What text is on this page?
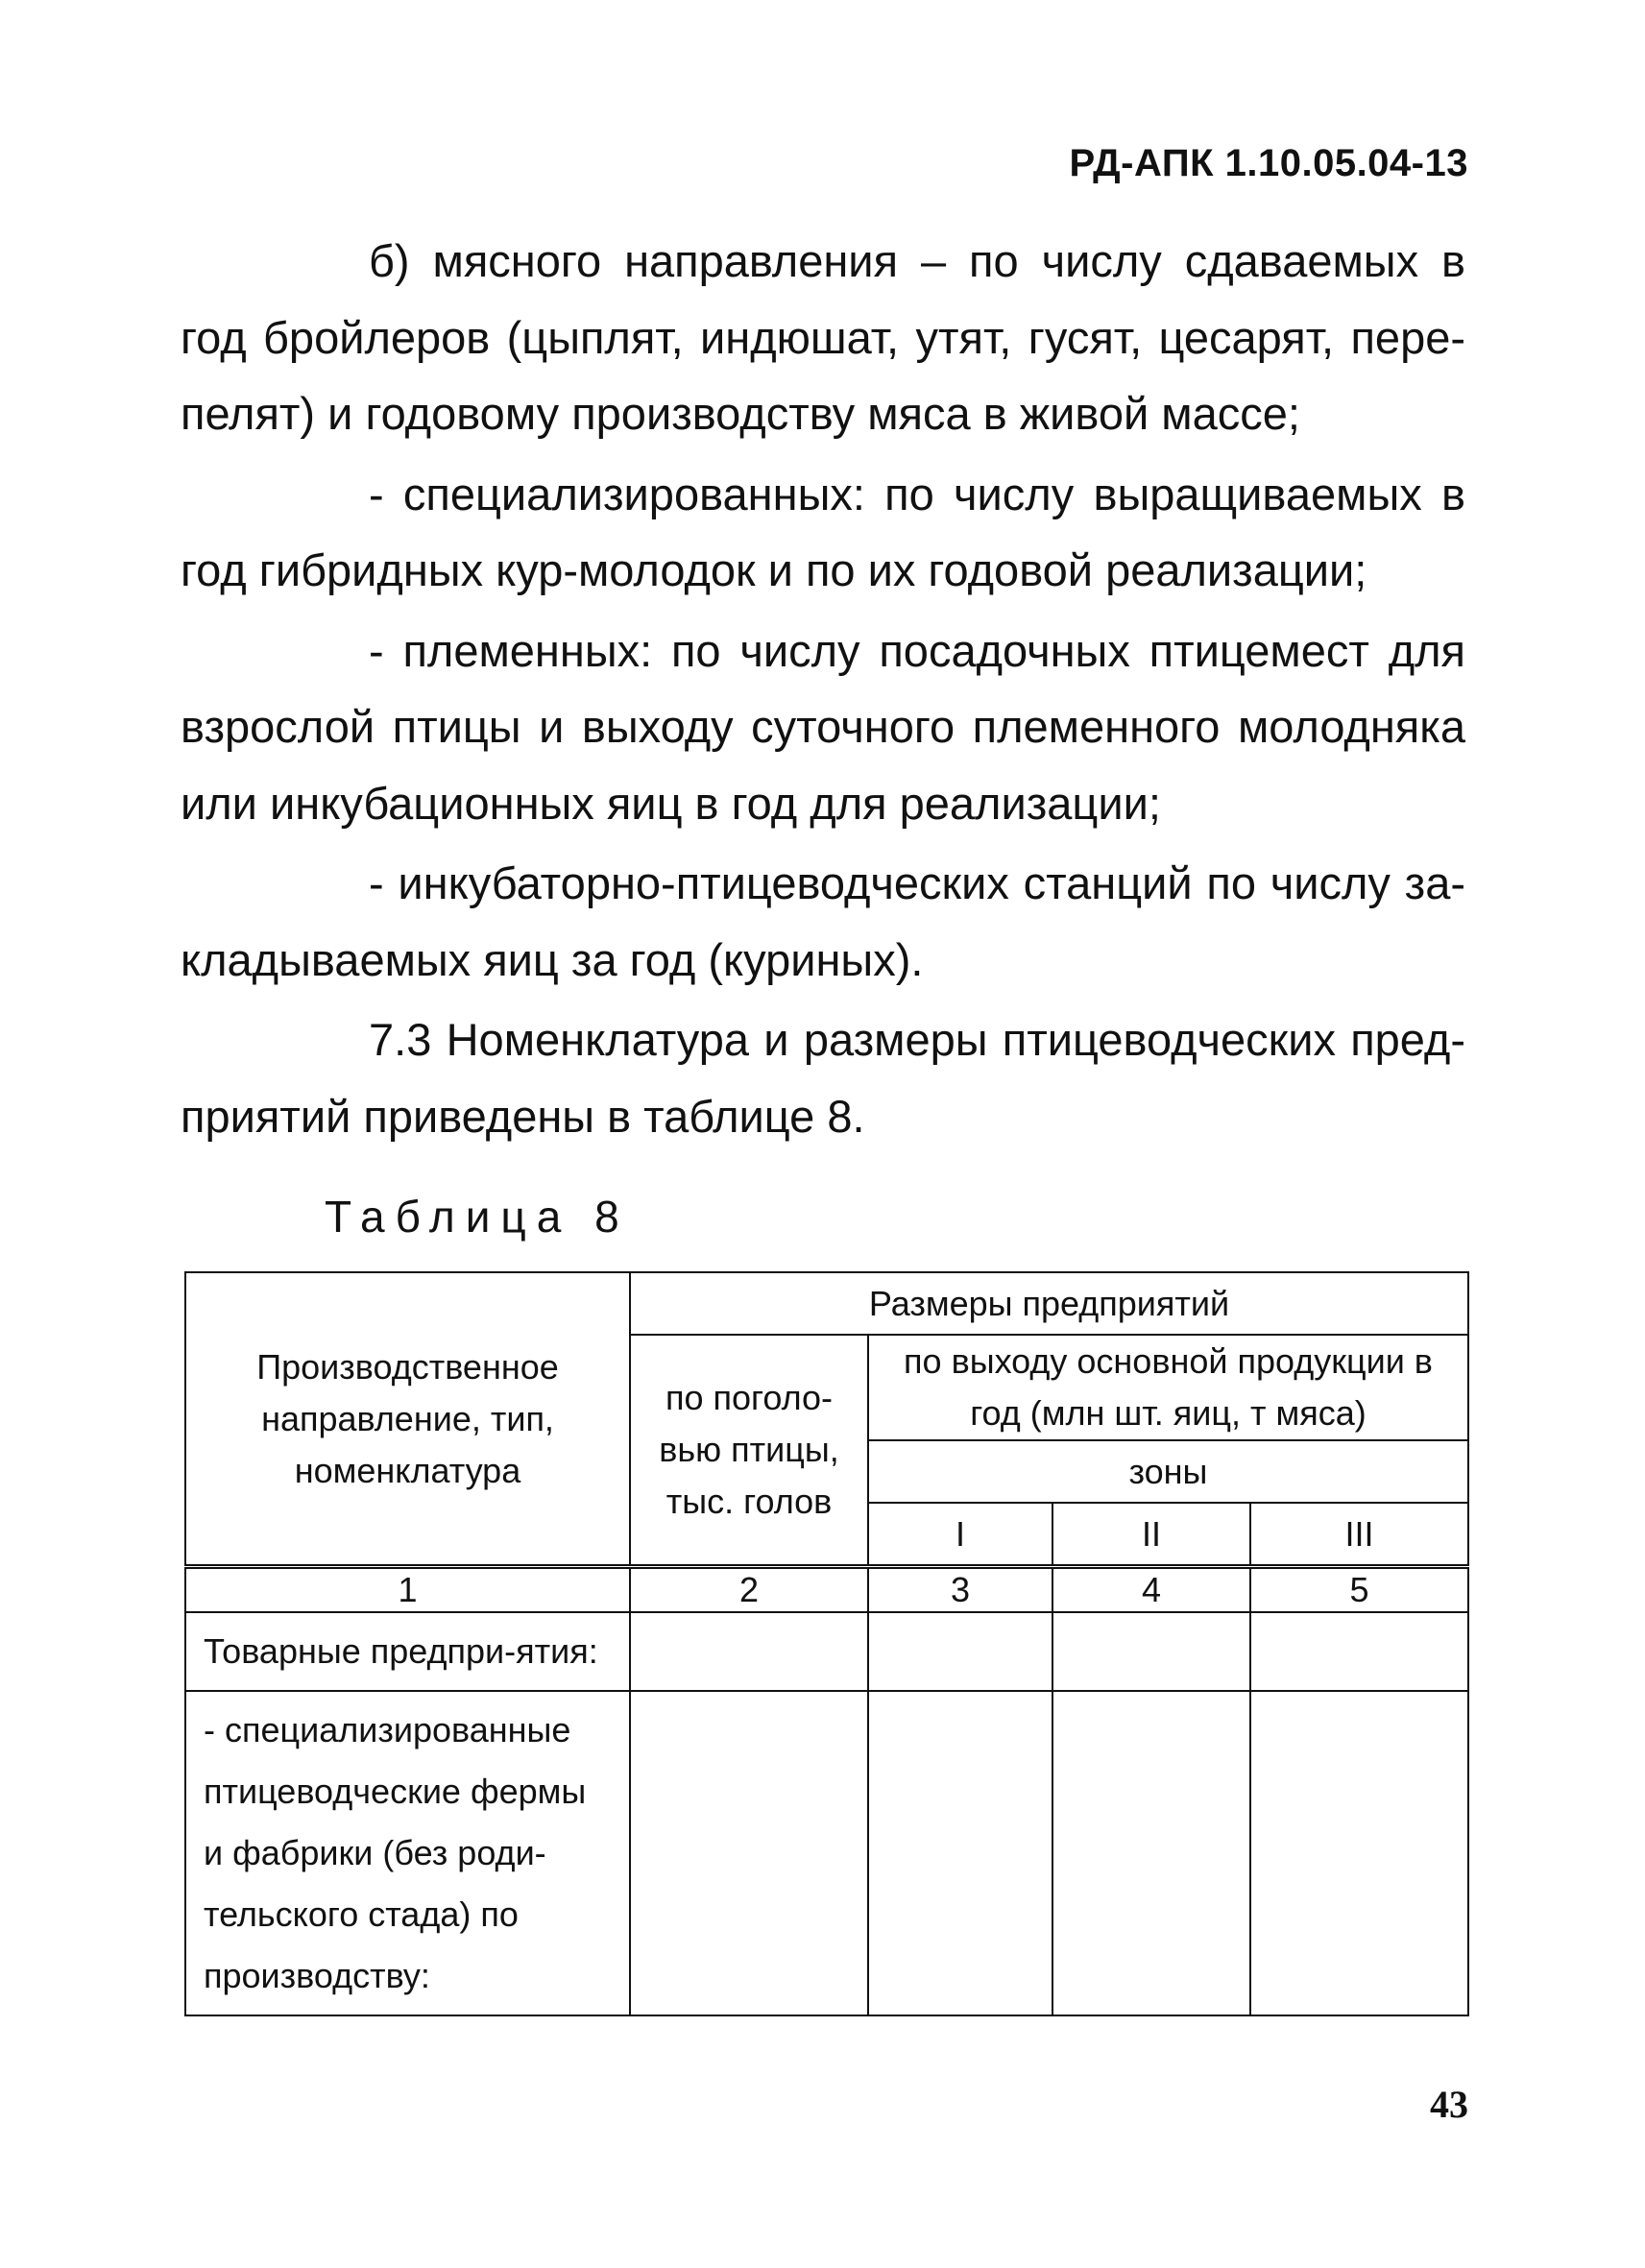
РД-АПК 1.10.05.04-13

б) мясного направления – по числу сдаваемых в год бройлеров (цыплят, индюшат, утят, гусят, цесарят, пере-пелят) и годовому производству мяса в живой массе;

- специализированных: по числу выращиваемых в год гибридных кур-молодок и по их годовой реализации;

- племенных: по числу посадочных птицемест для взрослой птицы и выходу суточного племенного молодняка или инкубационных яиц в год для реализации;

- инкубаторно-птицеводческих станций по числу за-кладываемых яиц за год (куриных).

7.3 Номенклатура и размеры птицеводческих пред-приятий приведены в таблице 8.

Таблица 8
Производственное направление, тип, номенклатура	Размеры предприятий			
	по поголо-вью птицы, тыс. голов	по выходу основной продукции в год (млн шт. яиц, т мяса)		
		зоны		
		I	II	III
1	2	3	4	5
Товарные предпри-ятия:				
- специализированные птицеводческие фермы и фабрики (без роди-тельского стада) по производству:				
43
